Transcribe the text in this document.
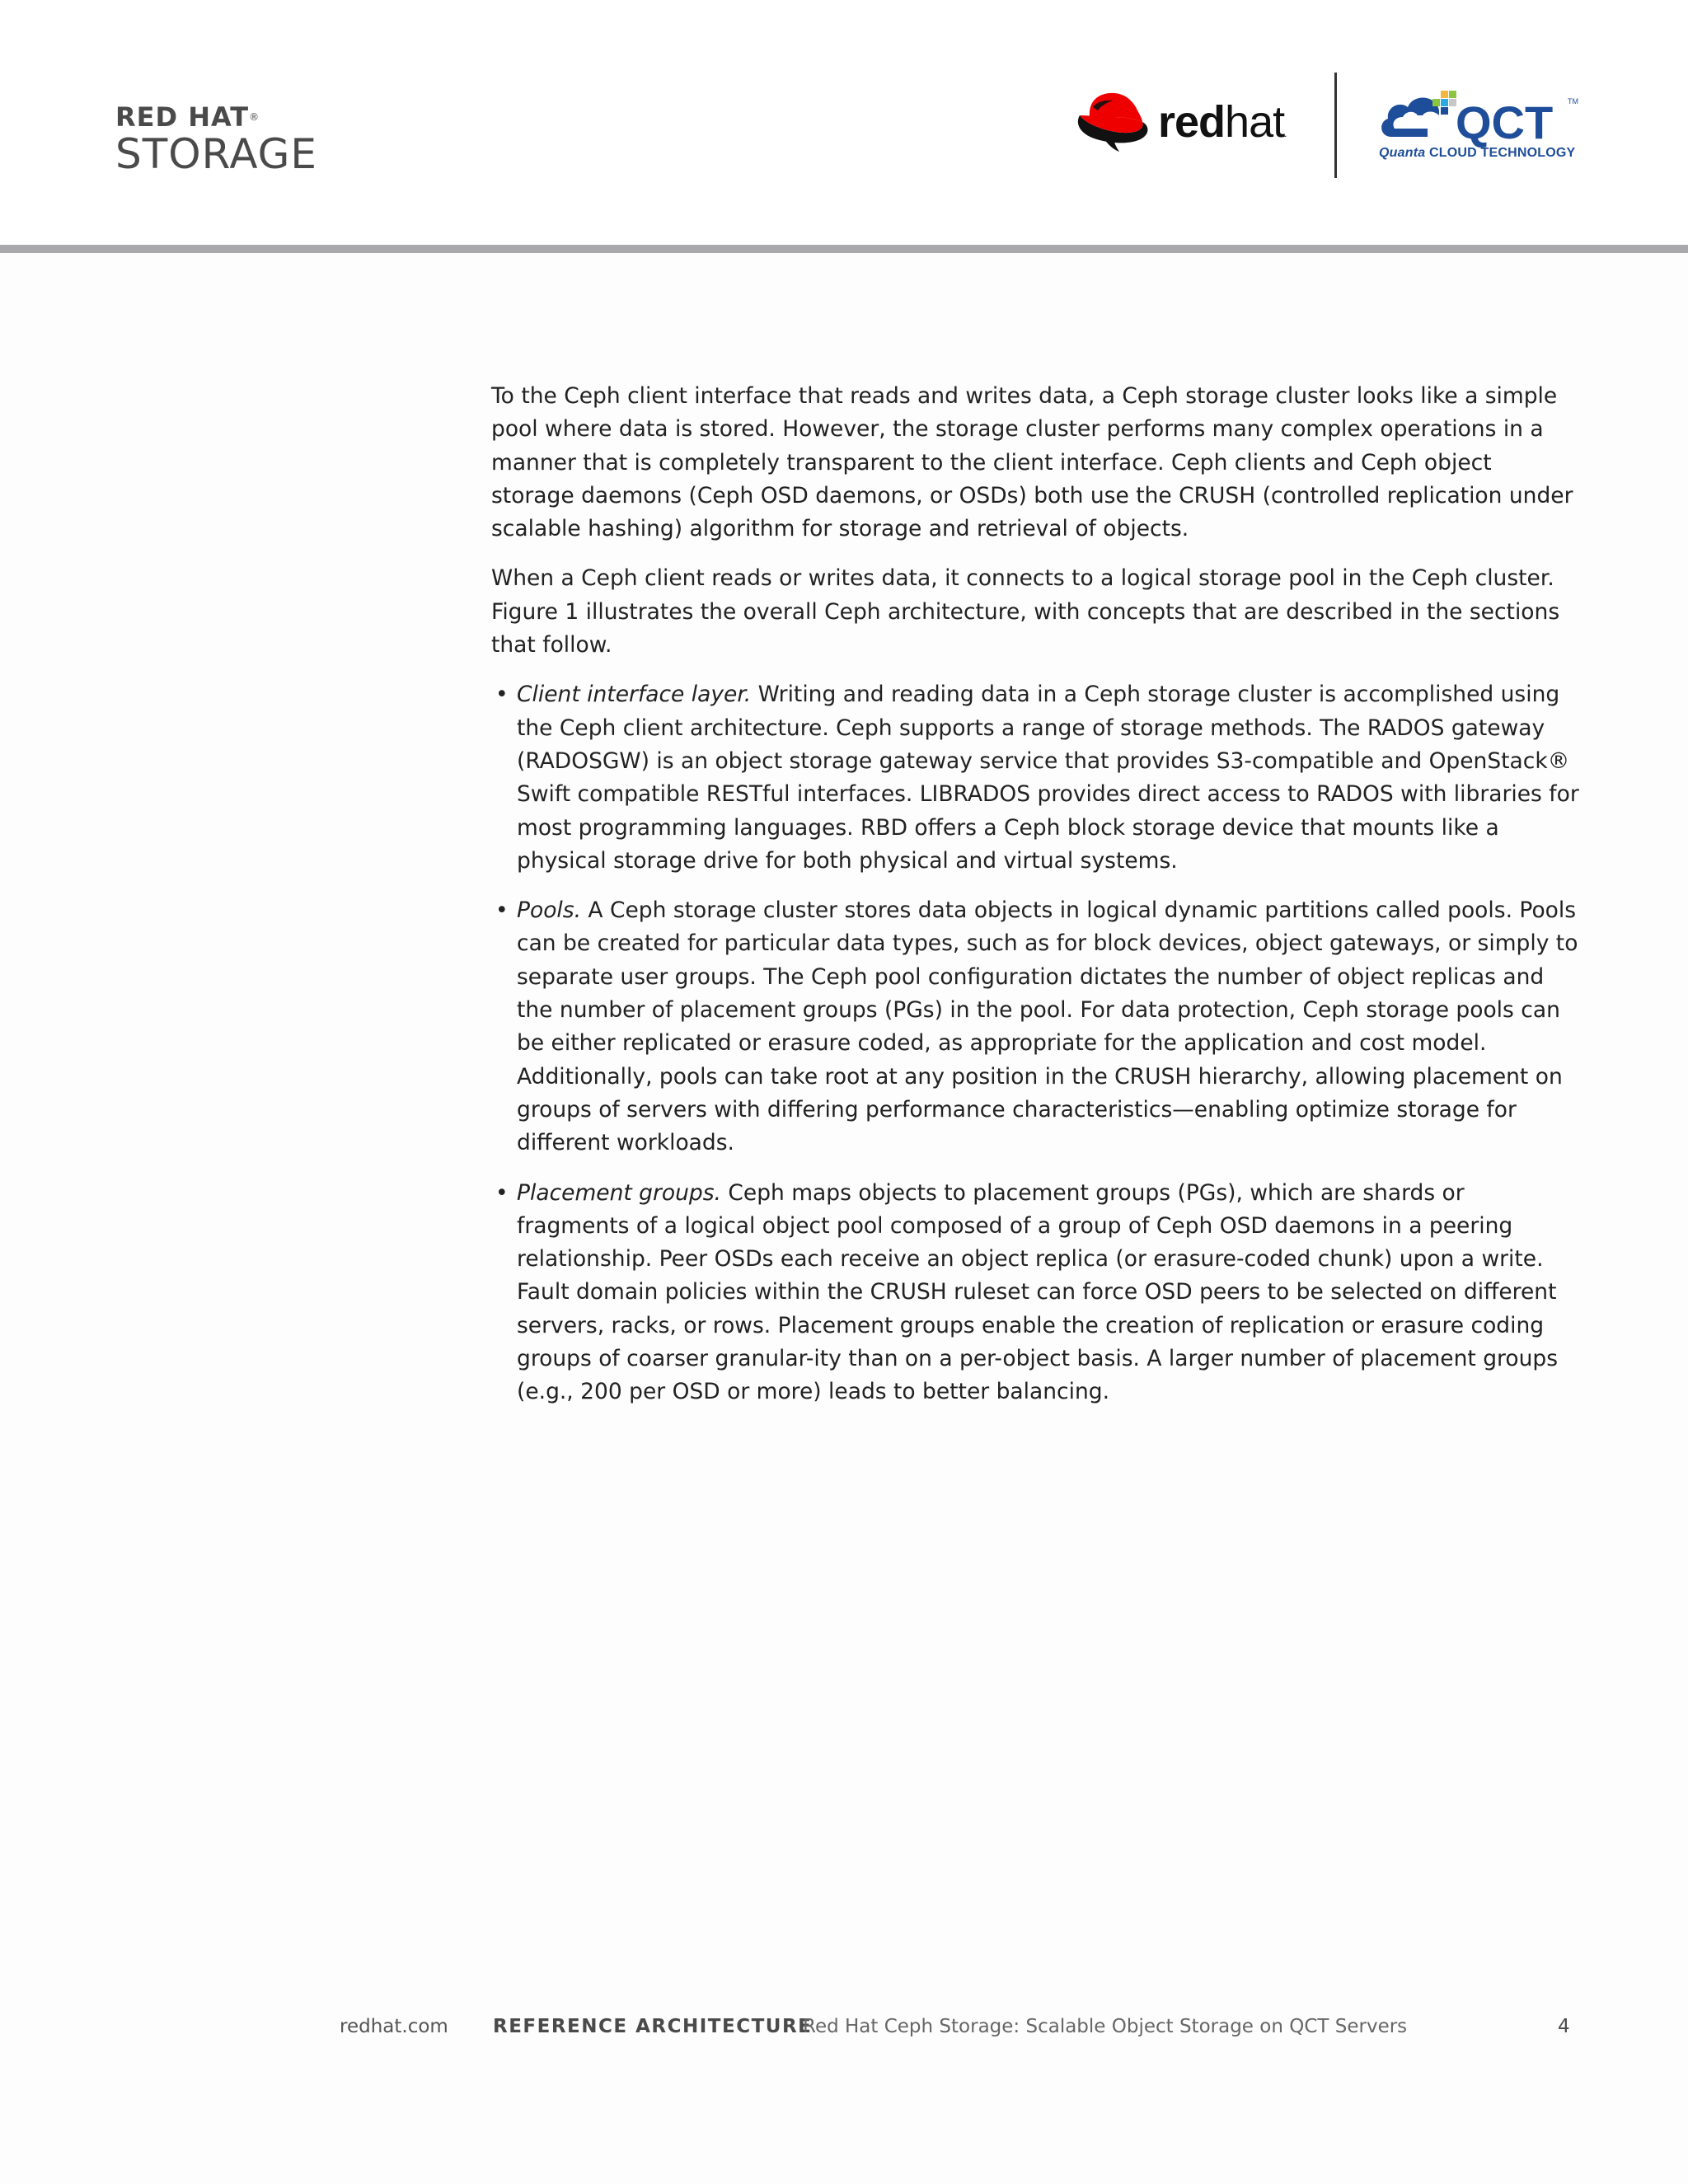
RED HAT®
STORAGE
redhat.	QCT TM
Quanta CLOUD TECHNOLOGY

To the Ceph client interface that reads and writes data, a Ceph storage cluster looks like a simple pool where data is stored. However, the storage cluster performs many complex operations in a manner that is completely transparent to the client interface. Ceph clients and Ceph object storage daemons (Ceph OSD daemons, or OSDs) both use the CRUSH (controlled replication under scalable hashing) algorithm for storage and retrieval of objects.

When a Ceph client reads or writes data, it connects to a logical storage pool in the Ceph cluster. Figure 1 illustrates the overall Ceph architecture, with concepts that are described in the sections that follow.

• Client interface layer. Writing and reading data in a Ceph storage cluster is accomplished using the Ceph client architecture. Ceph supports a range of storage methods. The RADOS gateway (RADOSGW) is an object storage gateway service that provides S3-compatible and OpenStack® Swift compatible RESTful interfaces. LIBRADOS provides direct access to RADOS with libraries for most programming languages. RBD offers a Ceph block storage device that mounts like a physical storage drive for both physical and virtual systems.
• Pools. A Ceph storage cluster stores data objects in logical dynamic partitions called pools. Pools can be created for particular data types, such as for block devices, object gateways, or simply to separate user groups. The Ceph pool configuration dictates the number of object replicas and the number of placement groups (PGs) in the pool. For data protection, Ceph storage pools can be either replicated or erasure coded, as appropriate for the application and cost model. Additionally, pools can take root at any position in the CRUSH hierarchy, allowing placement on groups of servers with differing performance characteristics—enabling optimize storage for different workloads.
• Placement groups. Ceph maps objects to placement groups (PGs), which are shards or fragments of a logical object pool composed of a group of Ceph OSD daemons in a peering relationship. Peer OSDs each receive an object replica (or erasure-coded chunk) upon a write. Fault domain policies within the CRUSH ruleset can force OSD peers to be selected on different servers, racks, or rows. Placement groups enable the creation of replication or erasure coding groups of coarser granular-ity than on a per-object basis. A larger number of placement groups (e.g., 200 per OSD or more) leads to better balancing.
redhat.com REFERENCE ARCHITECTURE
Red Hat Ceph Storage: Scalable Object Storage on QCT Servers	4
